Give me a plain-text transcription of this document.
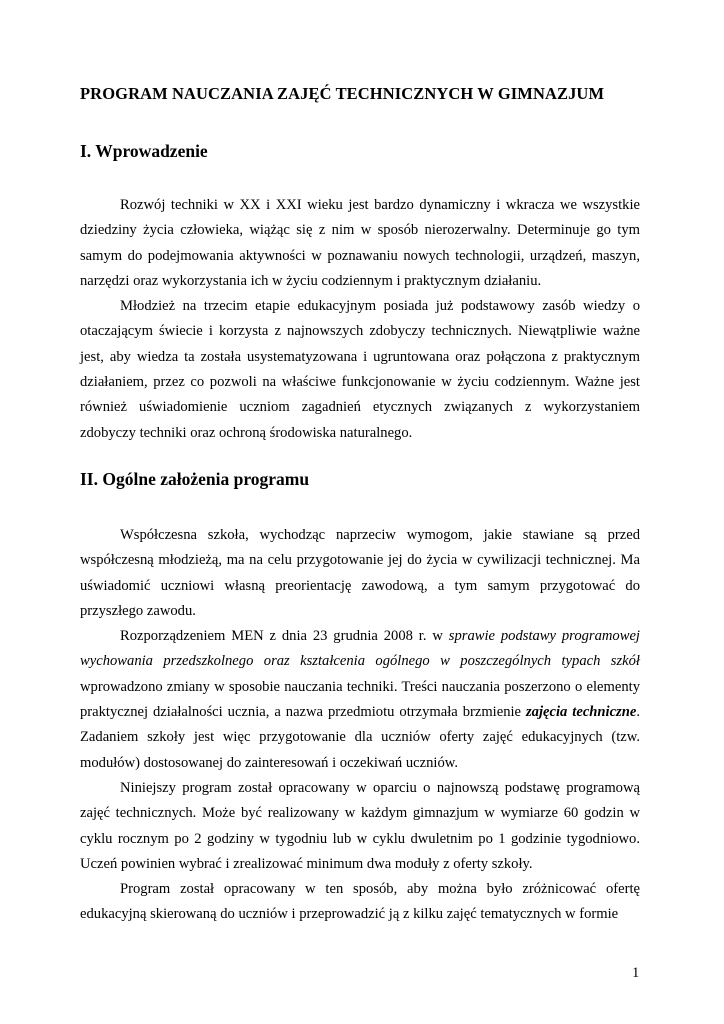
PROGRAM NAUCZANIA ZAJĘĆ TECHNICZNYCH W GIMNAZJUM
I. Wprowadzenie

Rozwój techniki w XX i XXI wieku jest bardzo dynamiczny i wkracza we wszystkie dziedziny życia człowieka, wiążąc się z nim w sposób nierozerwalny. Determinuje go tym samym do podejmowania aktywności w poznawaniu nowych technologii, urządzeń, maszyn, narzędzi oraz wykorzystania ich w życiu codziennym i praktycznym działaniu.

Młodzież na trzecim etapie edukacyjnym posiada już podstawowy zasób wiedzy o otaczającym świecie i korzysta z najnowszych zdobyczy technicznych. Niewątpliwie ważne jest, aby wiedza ta została usystematyzowana i ugruntowana oraz połączona z praktycznym działaniem, przez co pozwoli na właściwe funkcjonowanie w życiu codziennym. Ważne jest również uświadomienie uczniom zagadnień etycznych związanych z wykorzystaniem zdobyczy techniki oraz ochroną środowiska naturalnego.

II. Ogólne założenia programu

Współczesna szkoła, wychodząc naprzeciw wymogom, jakie stawiane są przed współczesną młodzieżą, ma na celu przygotowanie jej do życia w cywilizacji technicznej. Ma uświadomić uczniowi własną preorientację zawodową, a tym samym przygotować do przyszłego zawodu.

Rozporządzeniem MEN z dnia 23 grudnia 2008 r. w sprawie podstawy programowej wychowania przedszkolnego oraz kształcenia ogólnego w poszczególnych typach szkół wprowadzono zmiany w sposobie nauczania techniki. Treści nauczania poszerzono o elementy praktycznej działalności ucznia, a nazwa przedmiotu otrzymała brzmienie zajęcia techniczne. Zadaniem szkoły jest więc przygotowanie dla uczniów oferty zajęć edukacyjnych (tzw. modułów) dostosowanej do zainteresowań i oczekiwań uczniów.

Niniejszy program został opracowany w oparciu o najnowszą podstawę programową zajęć technicznych. Może być realizowany w każdym gimnazjum w wymiarze 60 godzin w cyklu rocznym po 2 godziny w tygodniu lub w cyklu dwuletnim po 1 godzinie tygodniowo. Uczeń powinien wybrać i zrealizować minimum dwa moduły z oferty szkoły.

Program został opracowany w ten sposób, aby można było zróżnicować ofertę edukacyjną skierowaną do uczniów i przeprowadzić ją z kilku zajęć tematycznych w formie

1
